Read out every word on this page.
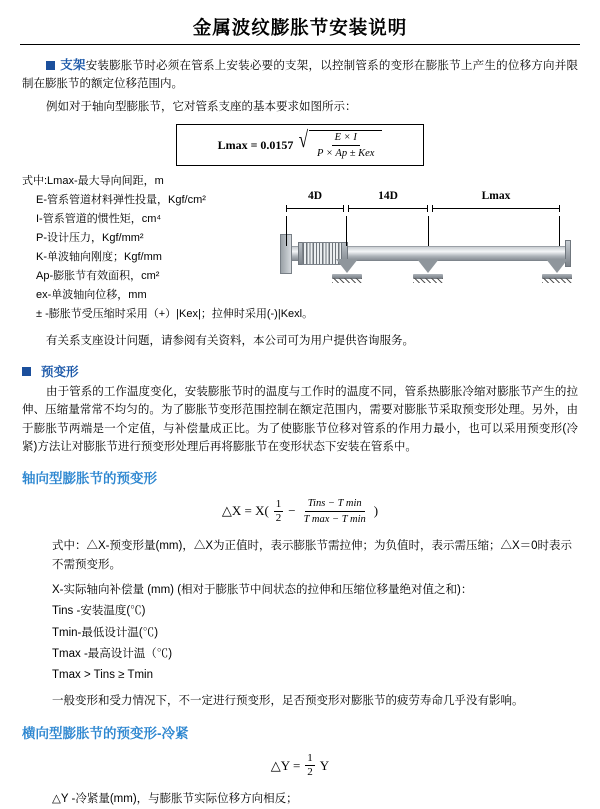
金属波纹膨胀节安装说明

支架安装膨胀节时必须在管系上安装必要的支架，以控制管系的变形在膨胀节上产生的位移方向并限制在膨胀节的额定位移范围内。

例如对于轴向型膨胀节，它对管系支座的基本要求如图所示：

Lmax = 0.0157 √ $\frac{E \times I}{\text{P × Ap ± Kex}}$
式中:Lmax-最大导向间距，m
E-管系管道材料弹性投量，Kgf/cm²
I-管系管道的惯性矩，cm⁴
P-设计压力，Kgf/mm²
K-单波轴向刚度；Kgf/mm
Ap-膨胀节有效面积，cm²
ex-单波轴向位移，mm
± -膨胀节受压缩时采用（+）|Kex|；拉伸时采用(-)|Kexl。
4D	14D	Lmax

有关系支座设计问题，请参阅有关资料，本公司可为用户提供咨询服务。

预变形

由于管系的工作温度变化，安装膨胀节时的温度与工作时的温度不同，管系热膨胀冷缩对膨胀节产生的拉伸、压缩量常常不均匀的。为了膨胀节变形范围控制在额定范围内，需要对膨胀节采取预变形处理。另外，由于膨胀节两端是一个定值，与补偿量成正比。为了使膨胀节位移对管系的作用力最小，也可以采用预变形(冷紧)方法让对膨胀节进行预变形处理后再将膨胀节在变形状态下安装在管系中。

轴向型膨胀节的预变形
△X = $X( \frac{1}{2}$ −
Tins − T min
T max − T min
)

式中：△X-预变形量(mm)，△X为正值时，表示膨胀节需拉伸；为负值时，表示需压缩；△X＝0时表示不需预变形。

X-实际轴向补偿量 (mm) (相对于膨胀节中间状态的拉伸和压缩位移量绝对值之和)：
Tins -安装温度(℃)
Tmin-最低设计温(℃)
Tmax -最高设计温（℃)
Tmax > Tins ≥ Tmin

一般变形和受力情况下，不一定进行预变形，足否预变形对膨胀节的疲劳寿命几乎没有影响。

横向型膨胀节的预变形-冷紧
△Y = $\frac{1}{2}$ Y

△Y -冷紧量(mm)，与膨胀节实际位移方向相反；
